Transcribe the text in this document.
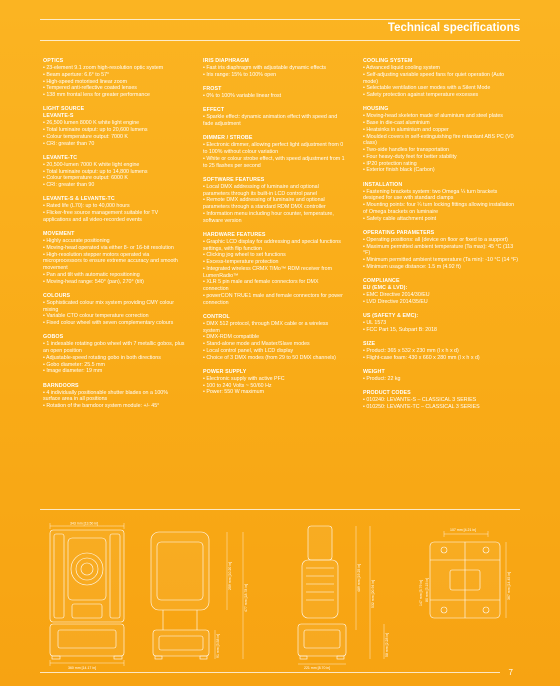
Technical specifications
OPTICS
• 23-element 9.1 zoom high-resolution optic system
• Beam aperture: 6.6° to 57°
• High-speed motorised linear zoom
• Tempered anti-reflective coated lenses
• 138 mm frontal lens for greater performance
LIGHT SOURCE
LEVANTE-S
• 26,500 lumen 8000 K white light engine
• Total luminaire output: up to 20,600 lumens
• Colour temperature output: 7000 K
• CRI: greater than 70
LEVANTE-TC
• 20,500-lumen 7000 K white light engine
• Total luminaire output: up to 14,800 lumens
• Colour temperature output: 6000 K
• CRI: greater than 90
LEVANTE-S & LEVANTE-TC
• Rated life (L70): up to 40,000 hours
• Flicker-free source management suitable for TV applications and all video-recorded events
MOVEMENT
• Highly accurate positioning
• Moving-head operated via either 8- or 16-bit resolution
• High-resolution stepper motors operated via microprocessors to ensure extreme accuracy and smooth movement
• Pan and tilt with automatic repositioning
• Moving-head range: 540° (pan), 270° (tilt)
COLOURS
• Sophisticated colour mix system providing CMY colour mixing
• Variable CTO colour temperature correction
• Fixed colour wheel with seven complementary colours
GOBOS
• 1 indexable rotating gobo wheel with 7 metallic gobos, plus an open position
• Adjustable-speed rotating gobo in both directions
• Gobo diameter: 25.5 mm
• Image diameter: 19 mm
BARNDOORS
• 4 individually positionable shutter blades on a 100% surface area in all positions
• Rotation of the barndoor system module: +/- 45°
IRIS DIAPHRAGM
• Fast iris diaphragm with adjustable dynamic effects
• Iris range: 15% to 100% open
FROST
• 0% to 100% variable linear frost
EFFECT
• Sparkle effect: dynamic animation effect with speed and fade adjustment
DIMMER / STROBE
• Electronic dimmer, allowing perfect light adjustment from 0 to 100% without colour variation
• White or colour strobe effect, with speed adjustment from 1 to 25 flashes per second
SOFTWARE FEATURES
• Local DMX addressing of luminaire and optional parameters through its built-in LCD control panel
• Remote DMX addressing of luminaire and optional parameters through a standard RDM DMX controller
• Information menu including hour counter, temperature, software version
HARDWARE FEATURES
• Graphic LCD display for addressing and special functions settings, with flip function
• Clicking jog wheel to set functions
• Excess-temperature protection
• Integrated wireless CRMX TiMo™ RDM receiver from LumenRadio™
• XLR 5 pin male and female connectors for DMX connection
• powerCON TRUE1 male and female connectors for power connection
CONTROL
• DMX 512 protocol, through DMX cable or a wireless system
• DMX-RDM compatible
• Stand-alone mode and Master/Slave modes
• Local control panel, with LCD display
• Choice of 3 DMX modes (from 29 to 50 DMX channels)
POWER SUPPLY
• Electronic supply with active PFC
• 100 to 240 Volts ~ 50/60 Hz
• Power: 550 W maximum
COOLING SYSTEM
• Advanced liquid cooling system
• Self-adjusting variable speed fans for quiet operation (Auto mode)
• Selectable ventilation user modes with a Silent Mode
• Safety protection against temperature excesses
HOUSING
• Moving-head skeleton made of aluminium and steel plates
• Base in die-cast aluminium
• Heatsinks in aluminium and copper
• Moulded covers in self-extinguishing fire retardant ABS PC (V0 class)
• Two-side handles for transportation
• Four heavy-duty feet for better stability
• IP20 protection rating
• Exterior finish black (Carbon)
INSTALLATION
• Fastening brackets system: two Omega ¼ turn brackets designed for use with standard clamps
• Mounting points: four ¼ turn locking fittings allowing installation of Omega brackets on luminaire
• Safety cable attachment point
OPERATING PARAMETERS
• Operating positions: all (device on floor or fixed to a support)
• Maximum permitted ambient temperature (Ta max): 45 °C (113 °F)
• Minimum permitted ambient temperature (Ta min): -10 °C (14 °F)
• Minimum usage distance: 1.5 m (4.92 ft)
COMPLIANCE
EU (EMC & LVD):
• EMC Directive 2014/30/EU
• LVD Directive 2014/35/EU
US (SAFETY & EMC):
• UL 1573
• FCC Part 15, Subpart B: 2018
SIZE
• Product: 365 x 532 x 230 mm (l x h x d)
• Flight-case foam: 430 x 660 x 280 mm (l x h x d)
WEIGHT
• Product: 22 kg
PRODUCT CODES
• 010240: LEVANTE-S – CLASSICAL 3 SERIES
• 010250: LEVANTE-TC – CLASSICAL 3 SERIES
343 mm [13.50 in]
360 mm [14.17 in]
259 mm [10.20 in]
477 mm [18.78 in]
91 mm [3.58 in]
489 mm [19.25 in]
532 mm [20.94 in]
58 mm [2.28 in]
221 mm [8.70 in]
107 mm [4.21 in]
147 mm [5.79 in] 80 mm [3.15 in]	367 mm [14.45 in]
7
